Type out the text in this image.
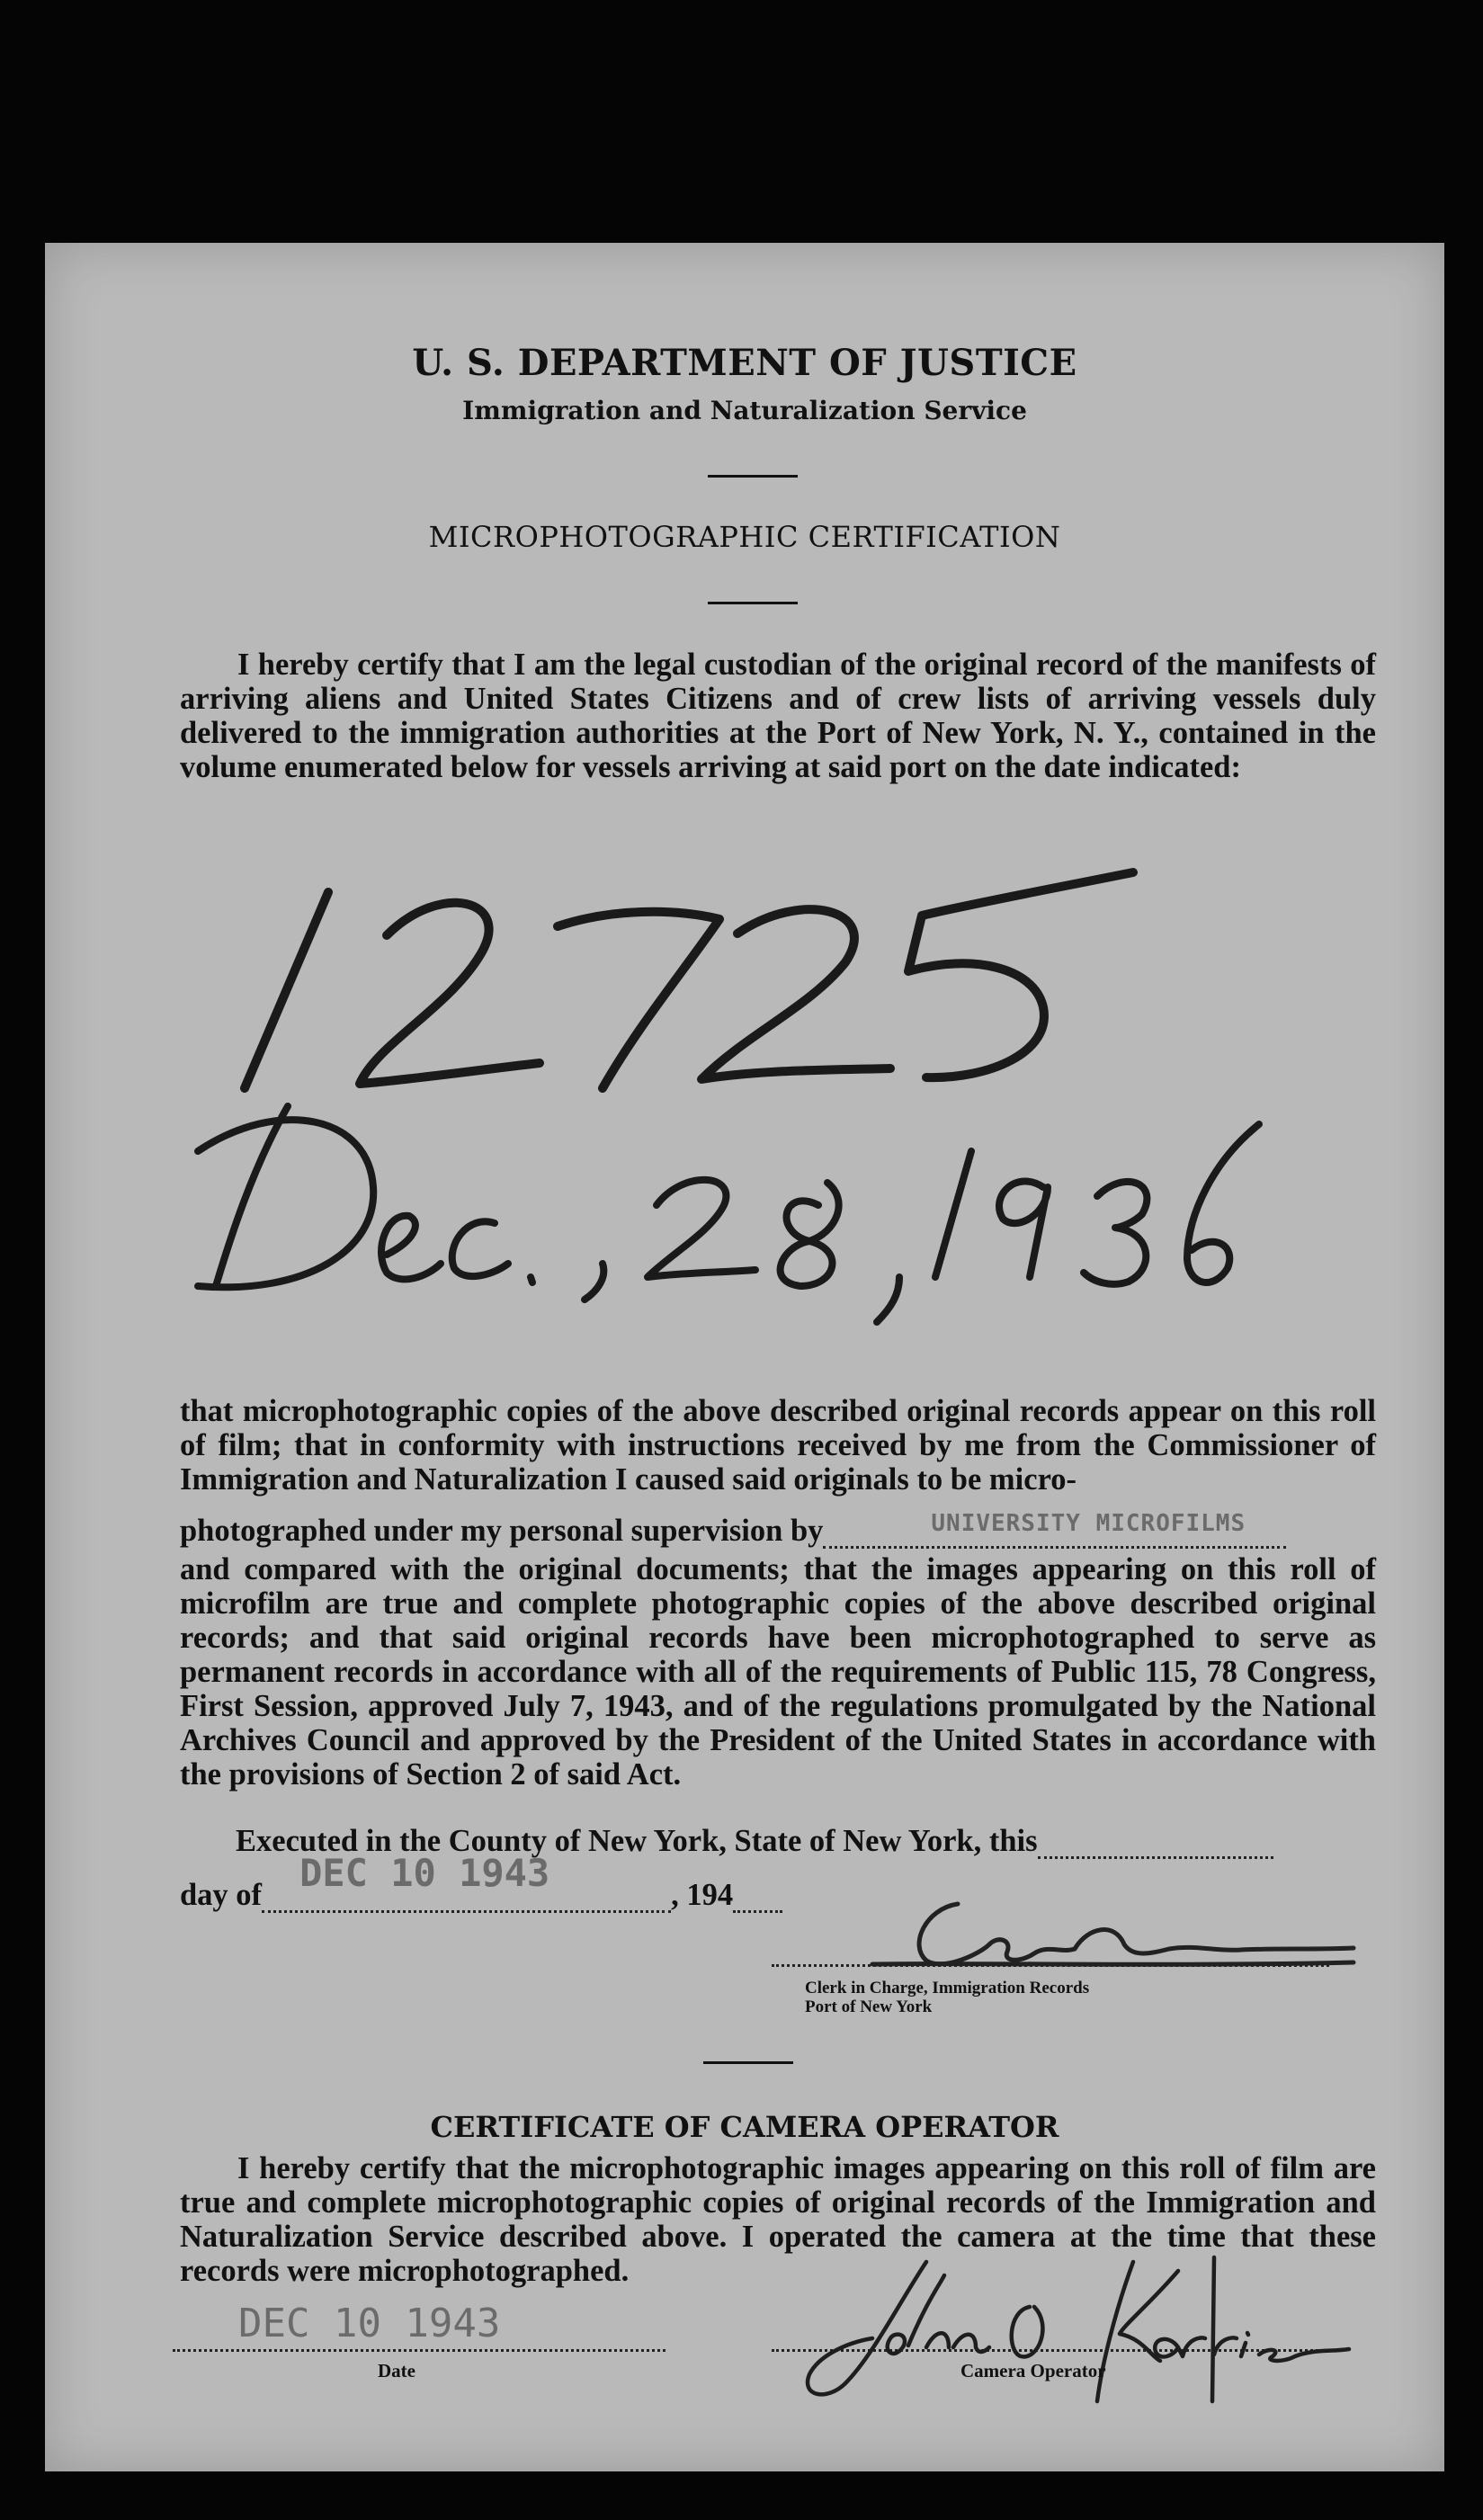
U. S. DEPARTMENT OF JUSTICE
Immigration and Naturalization Service
MICROPHOTOGRAPHIC CERTIFICATION
I hereby certify that I am the legal custodian of the original record of the manifests of arriving aliens and United States Citizens and of crew lists of arriving vessels duly delivered to the immigration authorities at the Port of New York, N. Y., contained in the volume enumerated below for vessels arriving at said port on the date indicated:
that microphotographic copies of the above described original records appear on this roll of film; that in conformity with instructions received by me from the Commissioner of Immigration and Naturalization I caused said originals to be micro-
photographed under my personal supervision by	UNIVERSITY MICROFILMS
and compared with the original documents; that the images appearing on this roll of microfilm are true and complete photographic copies of the above described original records; and that said original records have been microphotographed to serve as permanent records in accordance with all of the requirements of Public 115, 78 Congress, First Session, approved July 7, 1943, and of the regulations promulgated by the National Archives Council and approved by the President of the United States in accordance with the provisions of Section 2 of said Act.
Executed in the County of New York, State of New York, this
day of DEC 10 1943	, 194
Clerk in Charge, Immigration Records
Port of New York
CERTIFICATE OF CAMERA OPERATOR
I hereby certify that the microphotographic images appearing on this roll of film are true and complete microphotographic copies of original records of the Immigration and Naturalization Service described above. I operated the camera at the time that these records were microphotographed.
DEC 10 1943
Date	Camera Operator
